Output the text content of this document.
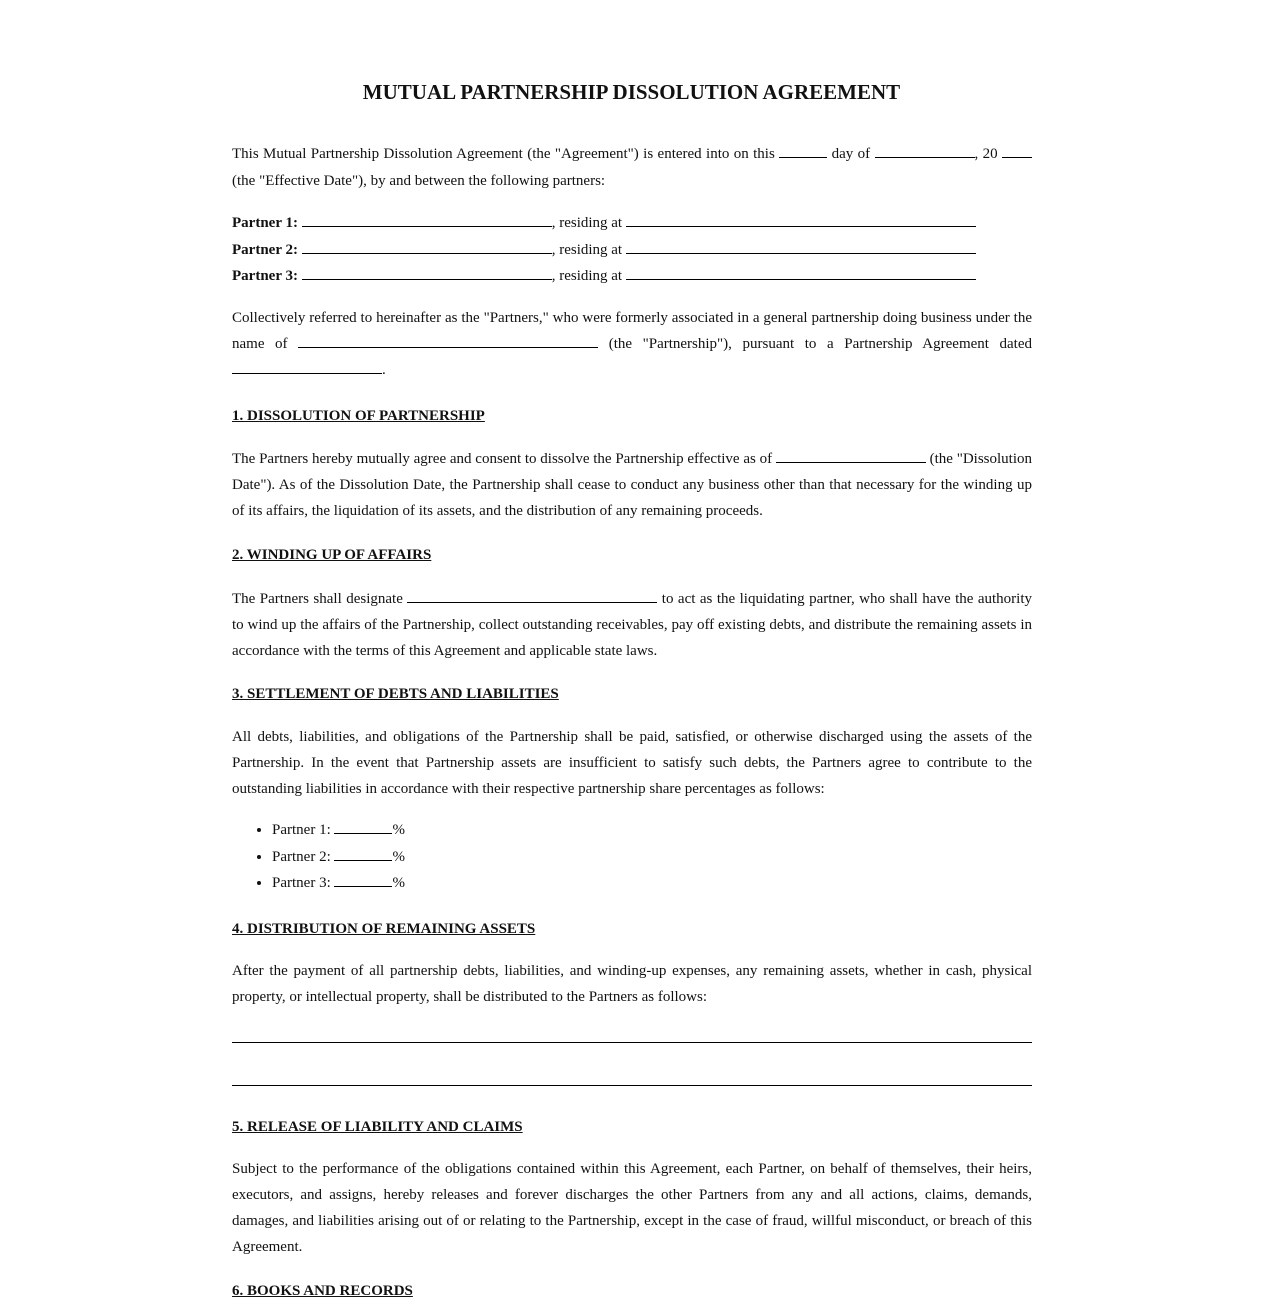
MUTUAL PARTNERSHIP DISSOLUTION AGREEMENT
This Mutual Partnership Dissolution Agreement (the "Agreement") is entered into on this	day of	, 20  (the "Effective Date"), by and between the following partners:
Partner 1:	, residing at
Partner 2:	, residing at
Partner 3:	, residing at
Collectively referred to hereinafter as the "Partners," who were formerly associated in a general partnership doing business under the name of	(the "Partnership"), pursuant to a Partnership Agreement dated .
1. DISSOLUTION OF PARTNERSHIP
The Partners hereby mutually agree and consent to dissolve the Partnership effective as of	(the "Dissolution Date"). As of the Dissolution Date, the Partnership shall cease to conduct any business other than that necessary for the winding up of its affairs, the liquidation of its assets, and the distribution of any remaining proceeds.
2. WINDING UP OF AFFAIRS
The Partners shall designate	to act as the liquidating partner, who shall have the authority to wind up the affairs of the Partnership, collect outstanding receivables, pay off existing debts, and distribute the remaining assets in accordance with the terms of this Agreement and applicable state laws.
3. SETTLEMENT OF DEBTS AND LIABILITIES
All debts, liabilities, and obligations of the Partnership shall be paid, satisfied, or otherwise discharged using the assets of the Partnership. In the event that Partnership assets are insufficient to satisfy such debts, the Partners agree to contribute to the outstanding liabilities in accordance with their respective partnership share percentages as follows:
• Partner 1:	%
• Partner 2:	%
• Partner 3:	%
4. DISTRIBUTION OF REMAINING ASSETS
After the payment of all partnership debts, liabilities, and winding-up expenses, any remaining assets, whether in cash, physical property, or intellectual property, shall be distributed to the Partners as follows:
5. RELEASE OF LIABILITY AND CLAIMS
Subject to the performance of the obligations contained within this Agreement, each Partner, on behalf of themselves, their heirs, executors, and assigns, hereby releases and forever discharges the other Partners from any and all actions, claims, demands, damages, and liabilities arising out of or relating to the Partnership, except in the case of fraud, willful misconduct, or breach of this Agreement.
6. BOOKS AND RECORDS
